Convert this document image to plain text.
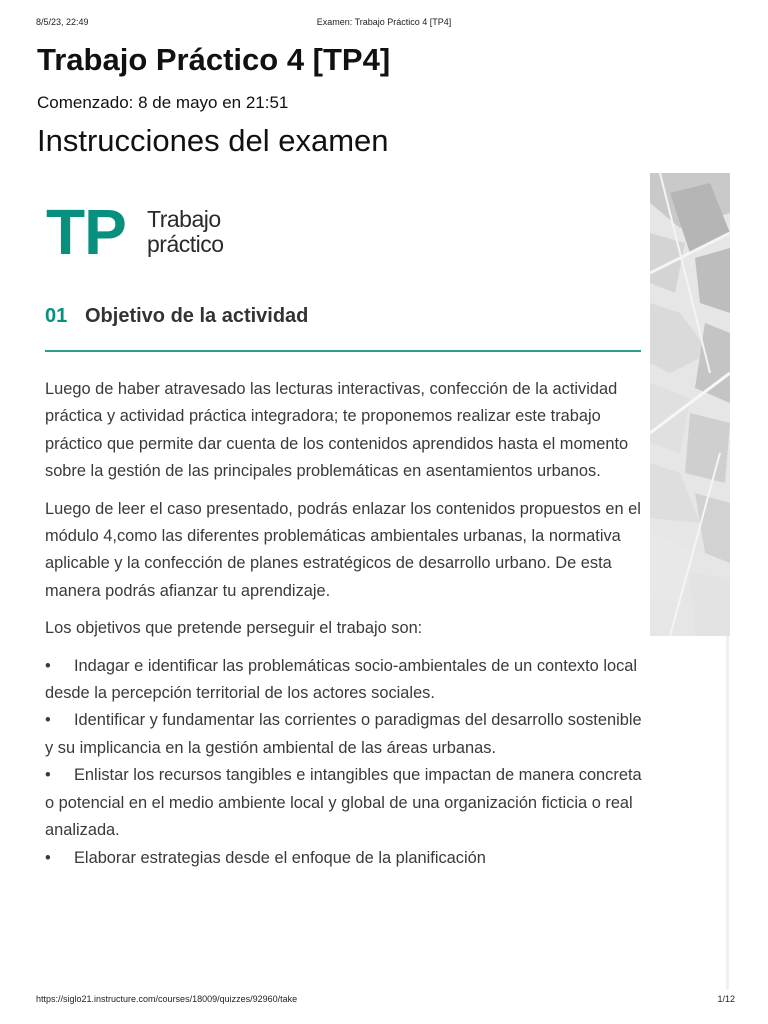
8/5/23, 22:49	Examen: Trabajo Práctico 4 [TP4]
Trabajo Práctico 4 [TP4]
Comenzado: 8 de mayo en 21:51
Instrucciones del examen
TP Trabajo
práctico
01 Objetivo de la actividad

Luego de haber atravesado las lecturas interactivas, confección de la actividad práctica y actividad práctica integradora; te proponemos realizar este trabajo práctico que permite dar cuenta de los contenidos aprendidos hasta el momento sobre la gestión de las principales problemáticas en asentamientos urbanos.

Luego de leer el caso presentado, podrás enlazar los contenidos propuestos en el módulo 4,como las diferentes problemáticas ambientales urbanas, la normativa aplicable y la confección de planes estratégicos de desarrollo urbano. De esta manera podrás afianzar tu aprendizaje.

Los objetivos que pretende perseguir el trabajo son:

• Indagar e identificar las problemáticas socio-ambientales de un contexto local desde la percepción territorial de los actores sociales.
• Identificar y fundamentar las corrientes o paradigmas del desarrollo sostenible y su implicancia en la gestión ambiental de las áreas urbanas.
• Enlistar los recursos tangibles e intangibles que impactan de manera concreta o potencial en el medio ambiente local y global de una organización ficticia o real analizada.
• Elaborar estrategias desde el enfoque de la planificación
https://siglo21.instructure.com/courses/18009/quizzes/92960/take	1/12
